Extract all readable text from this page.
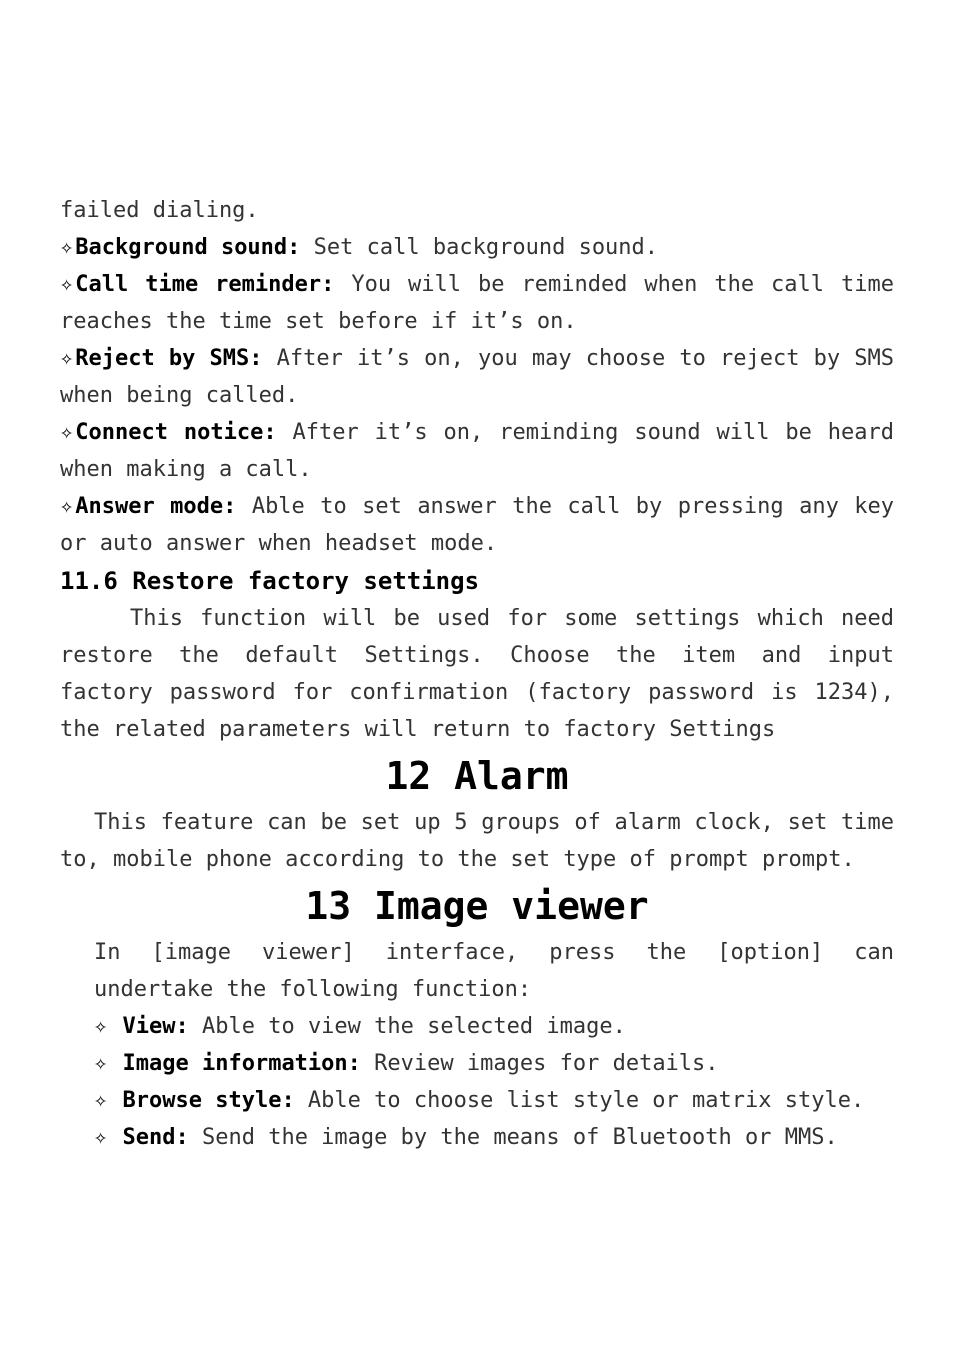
failed dialing.

✧Background sound: Set call background sound.

✧Call time reminder: You will be reminded when the call time reaches the time set before if it’s on.

✧Reject by SMS: After it’s on, you may choose to reject by SMS when being called.

✧Connect notice: After it’s on, reminding sound will be heard when making a call.

✧Answer mode: Able to set answer the call by pressing any key or auto answer when headset mode.

11.6 Restore factory settings

This function will be used for some settings which need restore the default Settings. Choose the item and input factory password for confirmation (factory password is 1234), the related parameters will return to factory Settings

12 Alarm

This feature can be set up 5 groups of alarm clock, set time to, mobile phone according to the set type of prompt prompt.

13 Image viewer

In [image viewer] interface, press the [option] can undertake the following function:

✧ View: Able to view the selected image.

✧ Image information: Review images for details.

✧ Browse style: Able to choose list style or matrix style.

✧ Send: Send the image by the means of Bluetooth or MMS.
